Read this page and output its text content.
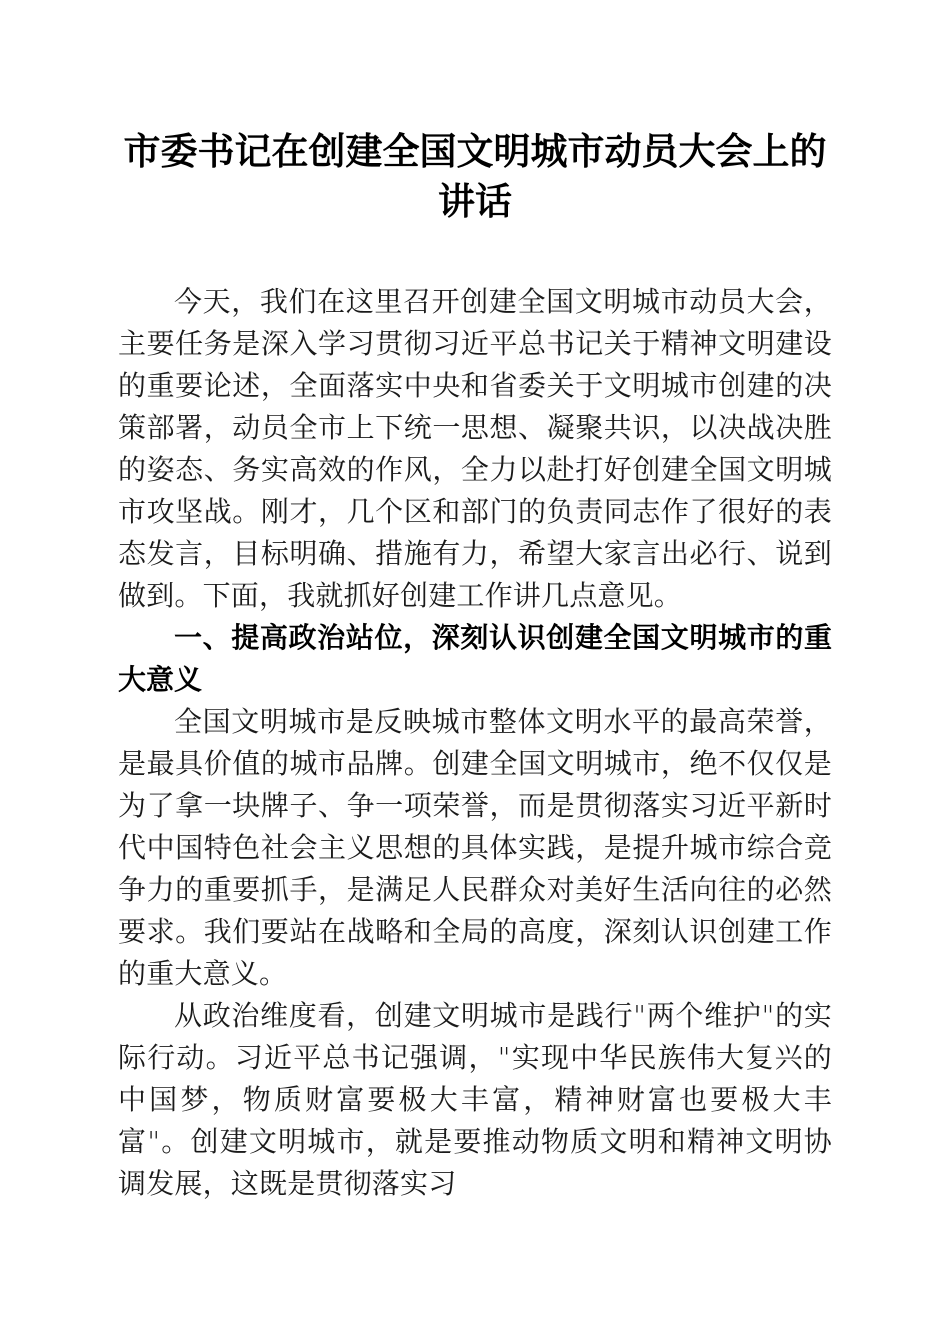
市委书记在创建全国文明城市动员大会上的讲话

今天，我们在这里召开创建全国文明城市动员大会，主要任务是深入学习贯彻习近平总书记关于精神文明建设的重要论述，全面落实中央和省委关于文明城市创建的决策部署，动员全市上下统一思想、凝聚共识，以决战决胜的姿态、务实高效的作风，全力以赴打好创建全国文明城市攻坚战。刚才，几个区和部门的负责同志作了很好的表态发言，目标明确、措施有力，希望大家言出必行、说到做到。下面，我就抓好创建工作讲几点意见。

一、提高政治站位，深刻认识创建全国文明城市的重大意义

全国文明城市是反映城市整体文明水平的最高荣誉，是最具价值的城市品牌。创建全国文明城市，绝不仅仅是为了拿一块牌子、争一项荣誉，而是贯彻落实习近平新时代中国特色社会主义思想的具体实践，是提升城市综合竞争力的重要抓手，是满足人民群众对美好生活向往的必然要求。我们要站在战略和全局的高度，深刻认识创建工作的重大意义。

从政治维度看，创建文明城市是践行"两个维护"的实际行动。习近平总书记强调，"实现中华民族伟大复兴的中国梦，物质财富要极大丰富，精神财富也要极大丰富"。创建文明城市，就是要推动物质文明和精神文明协调发展，这既是贯彻落实习
